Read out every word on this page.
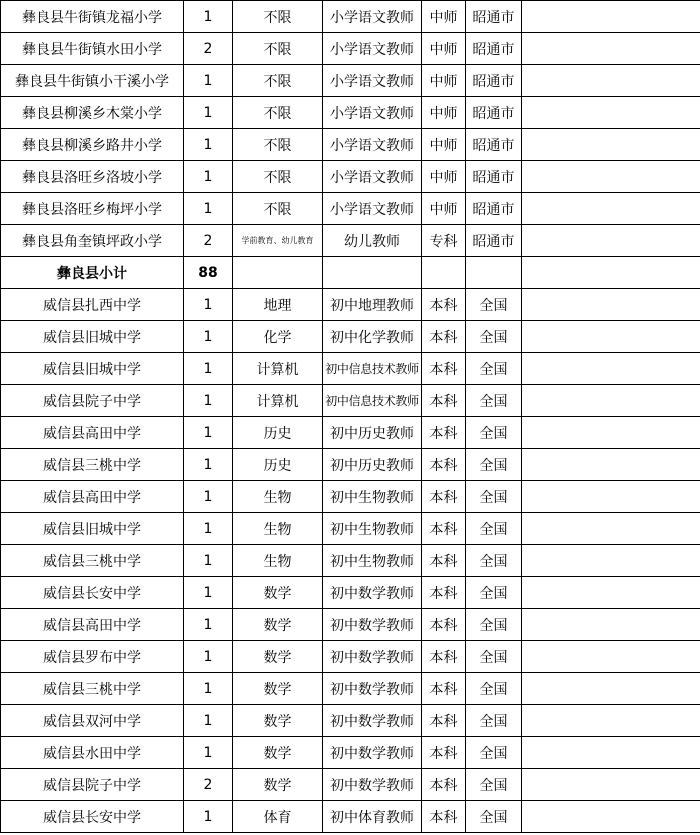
彝良县牛街镇龙福小学	1	不限	小学语文教师	中师	昭通市	
彝良县牛街镇水田小学	2	不限	小学语文教师	中师	昭通市	
彝良县牛街镇小干溪小学	1	不限	小学语文教师	中师	昭通市	
彝良县柳溪乡木棠小学	1	不限	小学语文教师	中师	昭通市	
彝良县柳溪乡路井小学	1	不限	小学语文教师	中师	昭通市	
彝良县洛旺乡洛坡小学	1	不限	小学语文教师	中师	昭通市	
彝良县洛旺乡梅坪小学	1	不限	小学语文教师	中师	昭通市	
彝良县角奎镇坪政小学	2	学前教育、幼儿教育	幼儿教师	专科	昭通市	
彝良县小计	88					
威信县扎西中学	1	地理	初中地理教师	本科	全国	
威信县旧城中学	1	化学	初中化学教师	本科	全国	
威信县旧城中学	1	计算机	初中信息技术教师	本科	全国	
威信县院子中学	1	计算机	初中信息技术教师	本科	全国	
威信县高田中学	1	历史	初中历史教师	本科	全国	
威信县三桃中学	1	历史	初中历史教师	本科	全国	
威信县高田中学	1	生物	初中生物教师	本科	全国	
威信县旧城中学	1	生物	初中生物教师	本科	全国	
威信县三桃中学	1	生物	初中生物教师	本科	全国	
威信县长安中学	1	数学	初中数学教师	本科	全国	
威信县高田中学	1	数学	初中数学教师	本科	全国	
威信县罗布中学	1	数学	初中数学教师	本科	全国	
威信县三桃中学	1	数学	初中数学教师	本科	全国	
威信县双河中学	1	数学	初中数学教师	本科	全国	
威信县水田中学	1	数学	初中数学教师	本科	全国	
威信县院子中学	2	数学	初中数学教师	本科	全国	
威信县长安中学	1	体育	初中体育教师	本科	全国	
